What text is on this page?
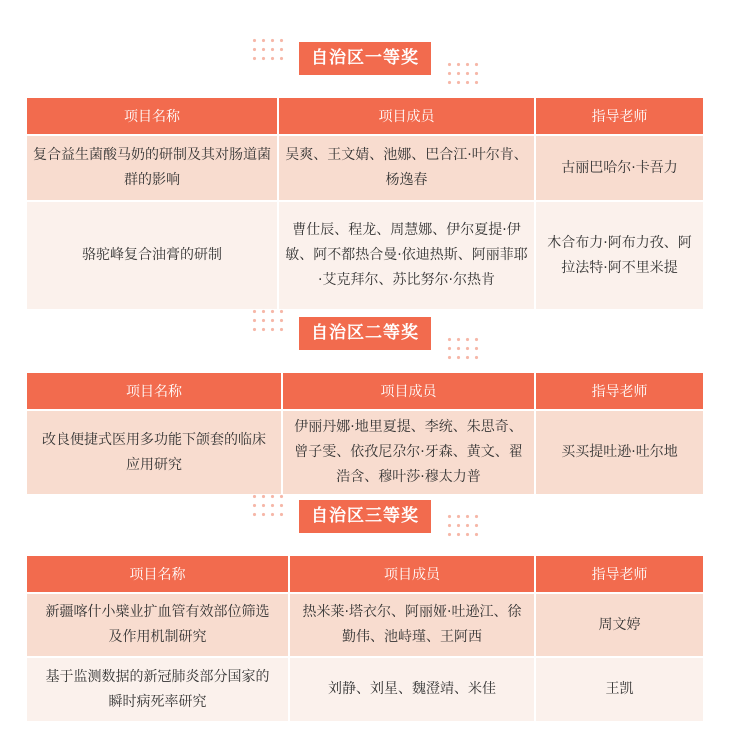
自治区一等奖
项目名称	项目成员	指导老师
复合益生菌酸马奶的研制及其对肠道菌群的影响	吴爽、王文婧、池娜、巴合江·叶尔肯、杨逸春	古丽巴哈尔·卡吾力
骆驼峰复合油膏的研制	曹仕辰、程龙、周慧娜、伊尔夏提·伊敏、阿不都热合曼·依迪热斯、阿丽菲耶·艾克拜尔、苏比努尔·尔热肯	木合布力·阿布力孜、阿拉法特·阿不里米提
自治区二等奖
项目名称	项目成员	指导老师
改良便捷式医用多功能下颌套的临床应用研究	伊丽丹娜·地里夏提、李统、朱思奇、曾子雯、依孜尼尕尔·牙森、黄文、翟浩含、穆叶莎·穆太力普	买买提吐逊·吐尔地
自治区三等奖
项目名称	项目成员	指导老师
新疆喀什小檗业扩血管有效部位筛选及作用机制研究	热米莱·塔衣尔、阿丽娅·吐逊江、徐勤伟、池峙瑾、王阿西	周文婷
基于监测数据的新冠肺炎部分国家的瞬时病死率研究	刘静、刘星、魏澄靖、米佳	王凯
